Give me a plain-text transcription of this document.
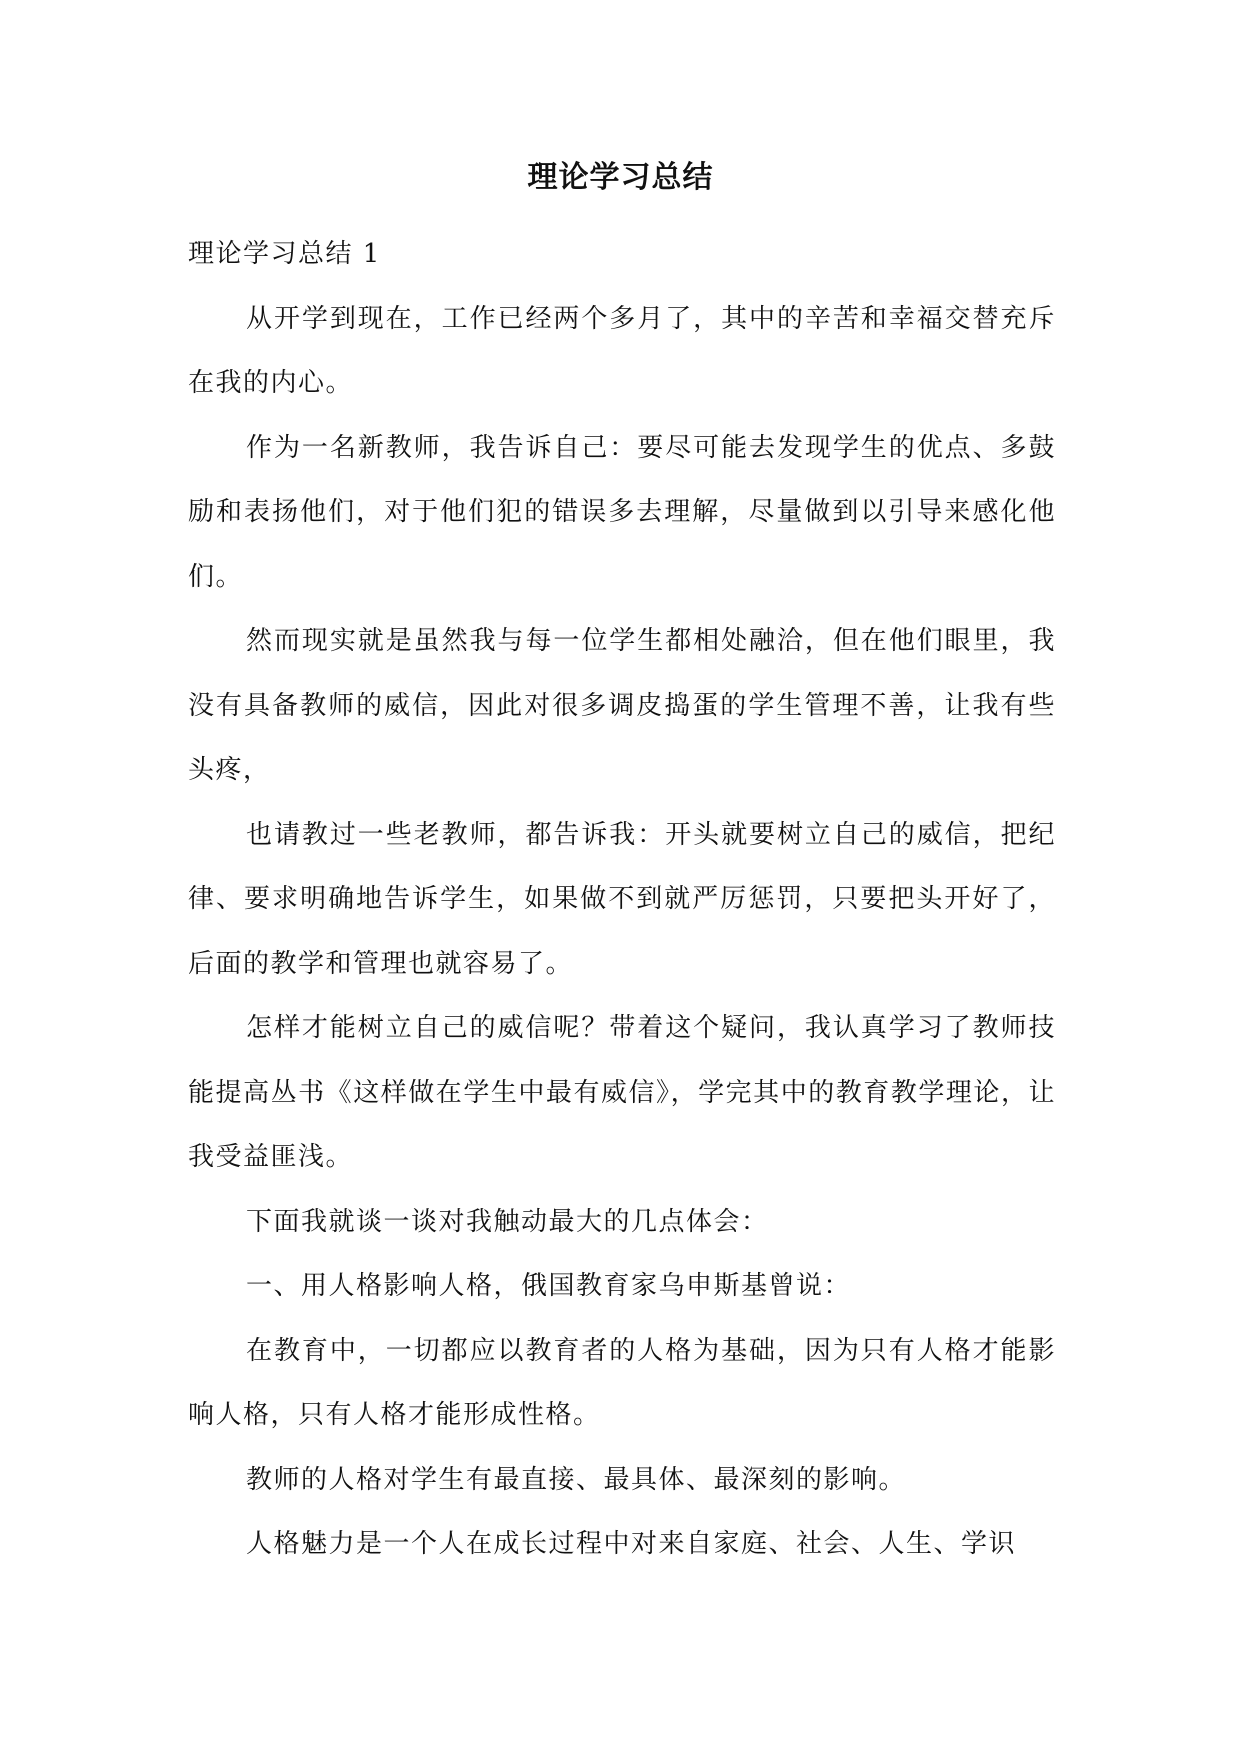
理论学习总结

理论学习总结 1

从开学到现在，工作已经两个多月了，其中的辛苦和幸福交替充斥在我的内心。

作为一名新教师，我告诉自己：要尽可能去发现学生的优点、多鼓励和表扬他们，对于他们犯的错误多去理解，尽量做到以引导来感化他们。

然而现实就是虽然我与每一位学生都相处融洽，但在他们眼里，我没有具备教师的威信，因此对很多调皮捣蛋的学生管理不善，让我有些头疼，

也请教过一些老教师，都告诉我：开头就要树立自己的威信，把纪律、要求明确地告诉学生，如果做不到就严厉惩罚，只要把头开好了，后面的教学和管理也就容易了。

怎样才能树立自己的威信呢？带着这个疑问，我认真学习了教师技能提高丛书《这样做在学生中最有威信》，学完其中的教育教学理论，让我受益匪浅。

下面我就谈一谈对我触动最大的几点体会：

一、用人格影响人格，俄国教育家乌申斯基曾说：

在教育中，一切都应以教育者的人格为基础，因为只有人格才能影响人格，只有人格才能形成性格。

教师的人格对学生有最直接、最具体、最深刻的影响。

人格魅力是一个人在成长过程中对来自家庭、社会、人生、学识
